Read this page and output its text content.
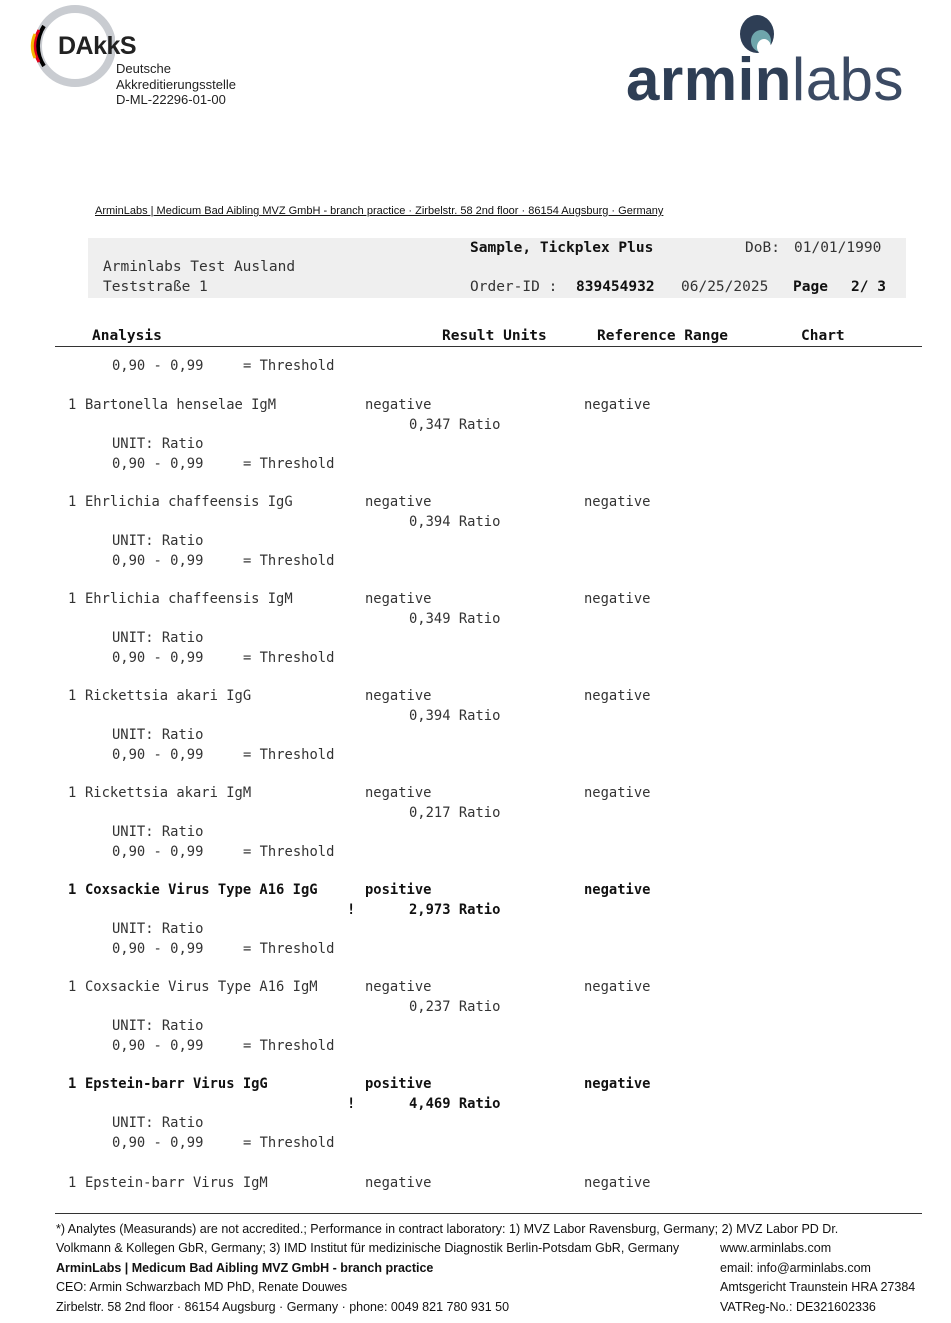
DAkkS
Deutsche
Akkreditierungsstelle
D-ML-22296-01-00	arminlabs
ArminLabs | Medicum Bad Aibling MVZ GmbH - branch practice · Zirbelstr. 58 2nd floor · 86154 Augsburg · Germany
Sample, Tickplex Plus	DoB: 01/01/1990
Arminlabs Test Ausland
Teststraße 1	Order-ID : 839454932 06/25/2025 Page 2/ 3
Analysis	Result Units	Reference Range	Chart
0,90 - 0,99	= Threshold
1 Bartonella henselae IgM	negative	negative
0,347 Ratio
UNIT: Ratio
0,90 - 0,99	= Threshold
1 Ehrlichia chaffeensis IgG	negative	negative
0,394 Ratio
UNIT: Ratio
0,90 - 0,99	= Threshold
1 Ehrlichia chaffeensis IgM	negative	negative
0,349 Ratio
UNIT: Ratio
0,90 - 0,99	= Threshold
1 Rickettsia akari IgG	negative	negative
0,394 Ratio
UNIT: Ratio
0,90 - 0,99	= Threshold
1 Rickettsia akari IgM	negative	negative
0,217 Ratio
UNIT: Ratio
0,90 - 0,99	= Threshold
1 Coxsackie Virus Type A16 IgG	positive	negative
!	2,973 Ratio
UNIT: Ratio
0,90 - 0,99	= Threshold
1 Coxsackie Virus Type A16 IgM	negative	negative
0,237 Ratio
UNIT: Ratio
0,90 - 0,99	= Threshold
1 Epstein-barr Virus IgG	positive	negative
!	4,469 Ratio
UNIT: Ratio
0,90 - 0,99	= Threshold
1 Epstein-barr Virus IgM	negative	negative
*) Analytes (Measurands) are not accredited.; Performance in contract laboratory: 1) MVZ Labor Ravensburg, Germany; 2) MVZ Labor PD Dr.
Volkmann & Kollegen GbR, Germany; 3) IMD Institut für medizinische Diagnostik Berlin-Potsdam GbR, Germany
ArminLabs | Medicum Bad Aibling MVZ GmbH - branch practice
CEO: Armin Schwarzbach MD PhD, Renate Douwes
Zirbelstr. 58 2nd floor · 86154 Augsburg · Germany · phone: 0049 821 780 931 50
www.arminlabs.com
email: info@arminlabs.com
Amtsgericht Traunstein HRA 27384
VATReg-No.: DE321602336
